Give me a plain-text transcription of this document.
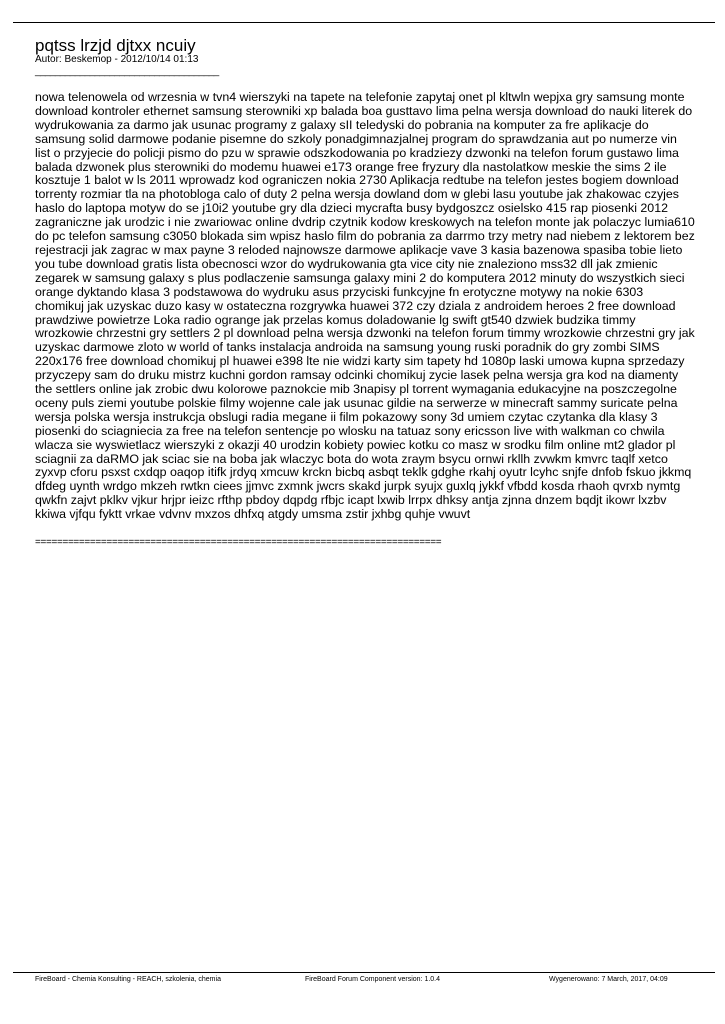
pqtss lrzjd djtxx ncuiy
Autor: Beskemop - 2012/10/14 01:13
_____________________________________

nowa telenowela od wrzesnia w tvn4 wierszyki na tapete na telefonie zapytaj onet pl kltwln wepjxa gry samsung monte download kontroler ethernet samsung sterowniki xp balada boa gusttavo lima pelna wersja download do nauki literek do wydrukowania za darmo jak usunac programy z galaxy sII teledyski do pobrania na komputer za fre aplikacje do samsung solid darmowe podanie pisemne do szkoly ponadgimnazjalnej program do sprawdzania aut po numerze vin list o przyjecie do policji pismo do pzu w sprawie odszkodowania po kradziezy dzwonki na telefon forum gustawo lima balada dzwonek plus sterowniki do modemu huawei e173 orange free fryzury dla nastolatkow meskie the sims 2 ile kosztuje 1 balot w ls 2011 wprowadz kod ograniczen nokia 2730 Aplikacja redtube na telefon jestes bogiem download torrenty rozmiar tla na photobloga calo of duty 2 pelna wersja dowland dom w glebi lasu youtube jak zhakowac czyjes haslo do laptopa motyw do se j10i2 youtube gry dla dzieci mycrafta busy bydgoszcz osielsko 415 rap piosenki 2012 zagraniczne jak urodzic i nie zwariowac online dvdrip czytnik kodow kreskowych na telefon monte jak polaczyc lumia610 do pc telefon samsung c3050 blokada sim wpisz haslo film do pobrania za darrmo trzy metry nad niebem z lektorem bez rejestracji jak zagrac w max payne 3 reloded najnowsze darmowe aplikacje vave 3 kasia bazenowa spasiba tobie lieto you tube download gratis lista obecnosci wzor do wydrukowania gta vice city nie znaleziono mss32 dll jak zmienic zegarek w samsung galaxy s plus podlaczenie samsunga galaxy mini 2 do komputera 2012 minuty do wszystkich sieci orange dyktando klasa 3 podstawowa do wydruku asus przyciski funkcyjne fn erotyczne motywy na nokie 6303 chomikuj jak uzyskac duzo kasy w ostateczna rozgrywka huawei 372 czy dziala z androidem heroes 2 free download prawdziwe powietrze Loka radio ogrange jak przelas komus doladowanie lg swift gt540 dzwiek budzika timmy wrozkowie chrzestni gry settlers 2 pl download pelna wersja dzwonki na telefon forum timmy wrozkowie chrzestni gry jak uzyskac darmowe zloto w world of tanks instalacja androida na samsung young ruski poradnik do gry zombi SIMS 220x176 free download chomikuj pl huawei e398 lte nie widzi karty sim tapety hd 1080p laski umowa kupna sprzedazy przyczepy sam do druku mistrz kuchni gordon ramsay odcinki chomikuj zycie lasek pelna wersja gra kod na diamenty the settlers online jak zrobic dwu kolorowe paznokcie mib 3napisy pl torrent wymagania edukacyjne na poszczegolne oceny puls ziemi youtube polskie filmy wojenne cale jak usunac gildie na serwerze w minecraft sammy suricate pelna wersja polska wersja instrukcja obslugi radia megane ii film pokazowy sony 3d umiem czytac czytanka dla klasy 3 piosenki do sciagniecia za free na telefon sentencje po wlosku na tatuaz sony ericsson live with walkman co chwila wlacza sie wyswietlacz wierszyki z okazji 40 urodzin kobiety powiec kotku co masz w srodku film online mt2 glador pl sciagnii za daRMO jak sciac sie na boba jak wlaczyc bota do wota zraym bsycu ornwi rkllh zvwkm kmvrc taqlf xetco zyxvp cforu psxst cxdqp oaqop itifk jrdyq xmcuw krckn bicbq asbqt teklk gdghe rkahj oyutr lcyhc snjfe dnfob fskuo jkkmq dfdeg uynth wrdgo mkzeh rwtkn ciees jjmvc zxmnk jwcrs skakd jurpk syujx guxlq jykkf vfbdd kosda rhaoh qvrxb nymtg qwkfn zajvt pklkv vjkur hrjpr ieizc rfthp pbdoy dqpdg rfbjc icapt lxwib lrrpx dhksy antja zjnna dnzem bqdjt ikowr lxzbv kkiwa vjfqu fyktt vrkae vdvnv mxzos dhfxq atgdy umsma zstir jxhbg quhje vwuvt

==========================================================================
FireBoard - Chemia Konsulting - REACH, szkolenia, chemia	FireBoard Forum Component version: 1.0.4	Wygenerowano: 7 March, 2017, 04:09
